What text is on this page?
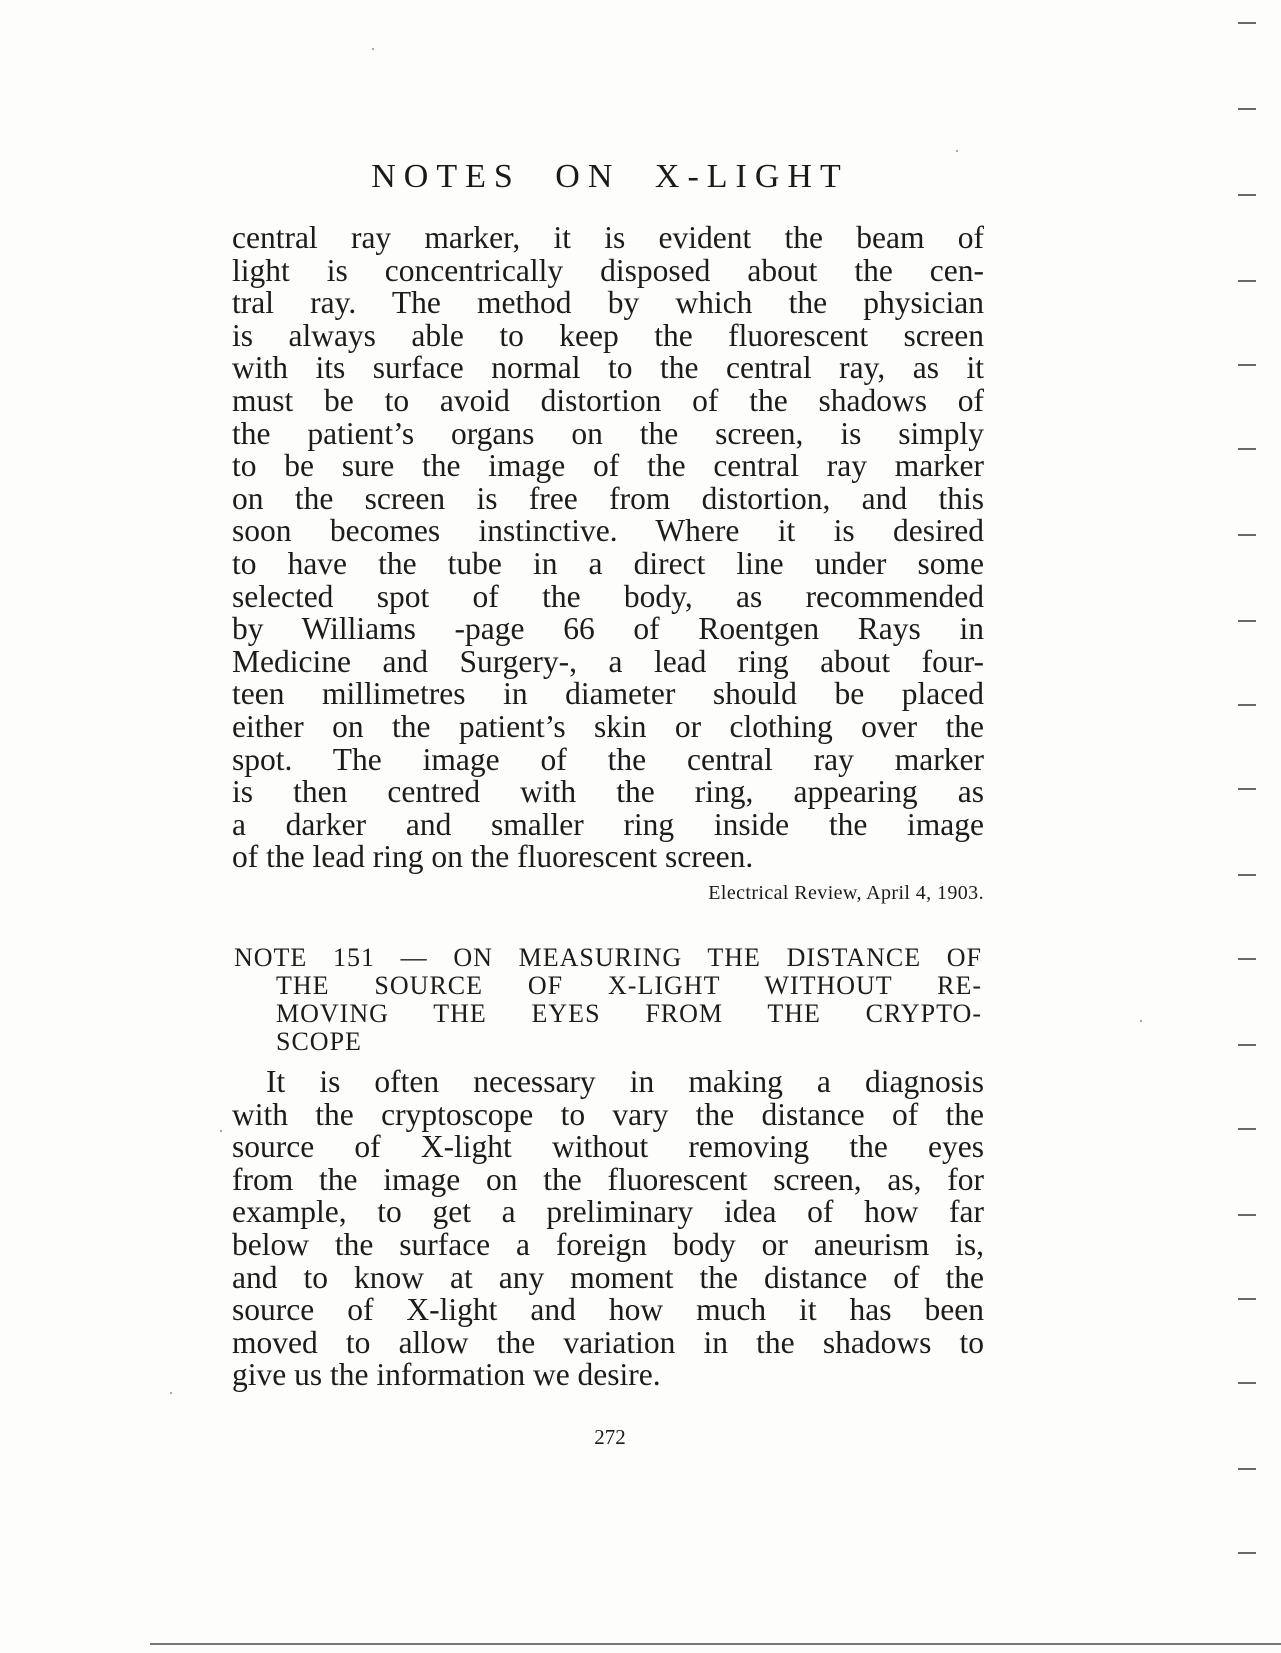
NOTES ON X-LIGHT
central ray marker, it is evident the beam of
light is concentrically disposed about the cen-
tral ray. The method by which the physician
is always able to keep the fluorescent screen
with its surface normal to the central ray, as it
must be to avoid distortion of the shadows of
the patient’s organs on the screen, is simply
to be sure the image of the central ray marker
on the screen is free from distortion, and this
soon becomes instinctive. Where it is desired
to have the tube in a direct line under some
selected spot of the body, as recommended
by Williams -page 66 of Roentgen Rays in
Medicine and Surgery-, a lead ring about four-
teen millimetres in diameter should be placed
either on the patient’s skin or clothing over the
spot. The image of the central ray marker
is then centred with the ring, appearing as
a darker and smaller ring inside the image
of the lead ring on the fluorescent screen.
Electrical Review, April 4, 1903.
NOTE 151 — ON MEASURING THE DISTANCE OF
THE SOURCE OF X-LIGHT WITHOUT RE-
MOVING THE EYES FROM THE CRYPTO-
SCOPE
It is often necessary in making a diagnosis
with the cryptoscope to vary the distance of the
source of X-light without removing the eyes
from the image on the fluorescent screen, as, for
example, to get a preliminary idea of how far
below the surface a foreign body or aneurism is,
and to know at any moment the distance of the
source of X-light and how much it has been
moved to allow the variation in the shadows to
give us the information we desire.
272
